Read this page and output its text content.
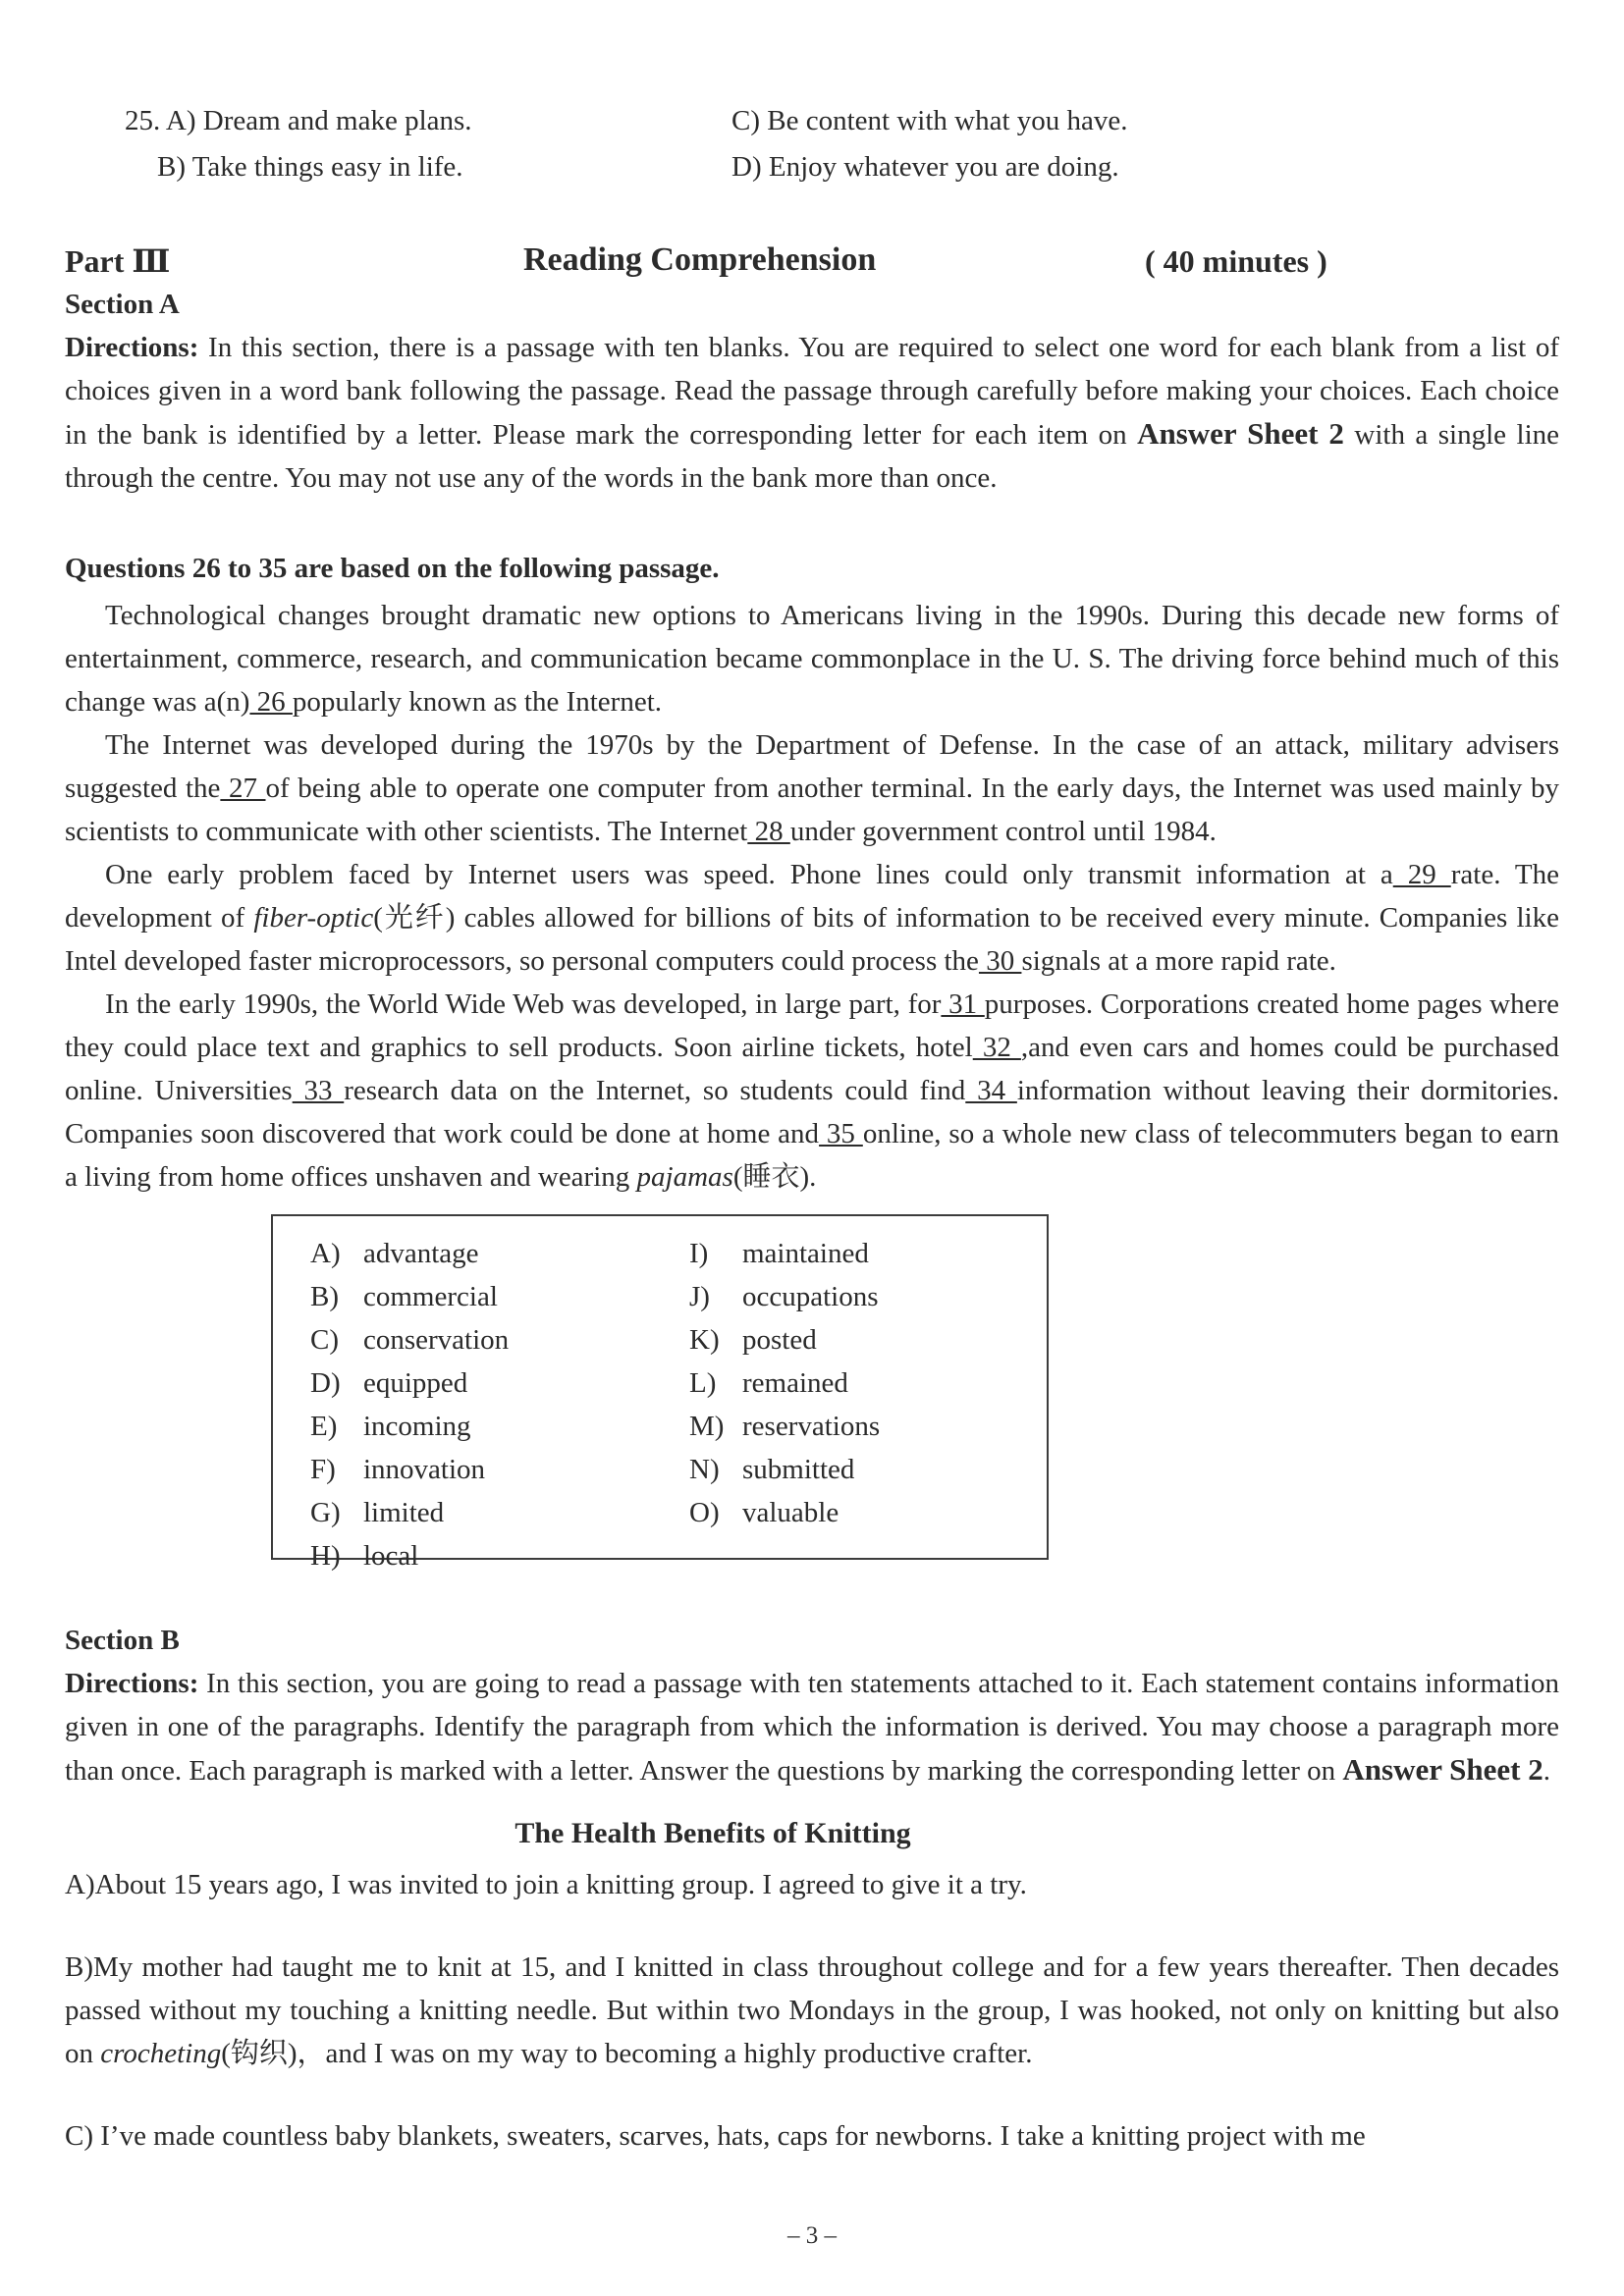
25. A) Dream and make plans.	C) Be content with what you have.
B) Take things easy in life.	D) Enjoy whatever you are doing.
Part Ⅲ	Reading Comprehension	( 40 minutes )
Section A

Directions: In this section, there is a passage with ten blanks. You are required to select one word for each blank from a list of choices given in a word bank following the passage. Read the passage through carefully before making your choices. Each choice in the bank is identified by a letter. Please mark the corresponding letter for each item on Answer Sheet 2 with a single line through the centre. You may not use any of the words in the bank more than once.

Questions 26 to 35 are based on the following passage.

Technological changes brought dramatic new options to Americans living in the 1990s. During this decade new forms of entertainment, commerce, research, and communication became commonplace in the U. S. The driving force behind much of this change was a(n) 26 popularly known as the Internet.

The Internet was developed during the 1970s by the Department of Defense. In the case of an attack, military advisers suggested the 27 of being able to operate one computer from another terminal. In the early days, the Internet was used mainly by scientists to communicate with other scientists. The Internet 28 under government control until 1984.

One early problem faced by Internet users was speed. Phone lines could only transmit information at a 29 rate. The development of fiber-optic(光纤) cables allowed for billions of bits of information to be received every minute. Companies like Intel developed faster microprocessors, so personal computers could process the 30 signals at a more rapid rate.

In the early 1990s, the World Wide Web was developed, in large part, for 31 purposes. Corporations created home pages where they could place text and graphics to sell products. Soon airline tickets, hotel 32 ,and even cars and homes could be purchased online. Universities 33 research data on the Internet, so students could find 34 information without leaving their dormitories. Companies soon discovered that work could be done at home and 35 online, so a whole new class of telecommuters began to earn a living from home offices unshaven and wearing pajamas(睡衣).

A) advantage
B) commercial
C) conservation
D) equipped
E) incoming
F) innovation
G) limited
H) local
I) maintained
J) occupations
K) posted
L) remained
M) reservations
N) submitted
O) valuable
Section B

Directions: In this section, you are going to read a passage with ten statements attached to it. Each statement contains information given in one of the paragraphs. Identify the paragraph from which the information is derived. You may choose a paragraph more than once. Each paragraph is marked with a letter. Answer the questions by marking the corresponding letter on Answer Sheet 2.

The Health Benefits of Knitting

A)About 15 years ago, I was invited to join a knitting group. I agreed to give it a try.

B)My mother had taught me to knit at 15, and I knitted in class throughout college and for a few years thereafter. Then decades passed without my touching a knitting needle. But within two Mondays in the group, I was hooked, not only on knitting but also on crocheting(钩织)，and I was on my way to becoming a highly productive crafter.

C) I’ve made countless baby blankets, sweaters, scarves, hats, caps for newborns. I take a knitting project with me

– 3 –
